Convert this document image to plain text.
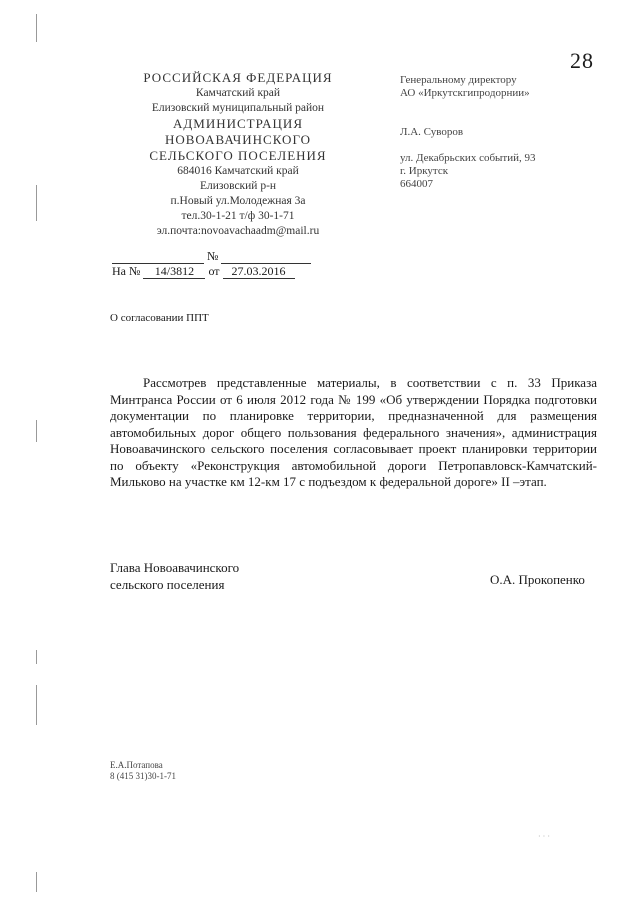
28
РОССИЙСКАЯ ФЕДЕРАЦИЯ
Камчатский край
Елизовский муниципальный район
АДМИНИСТРАЦИЯ
НОВОАВАЧИНСКОГО
СЕЛЬСКОГО ПОСЕЛЕНИЯ
684016 Камчатский край
Елизовский р-н
п.Новый ул.Молодежная 3а
тел.30-1-21 т/ф 30-1-71
эл.почта:novoavachaadm@mail.ru
№
На № 14/3812 от 27.03.2016
Генеральному директору
АО «Иркутскгипродорнии»
Л.А. Суворов
ул. Декабрьских событий, 93
г. Иркутск
664007
О согласовании ППТ
Рассмотрев представленные материалы, в соответствии с п. 33 Приказа Минтранса России от 6 июля 2012 года № 199 «Об утверждении Порядка подготовки документации по планировке территории, предназначенной для размещения автомобильных дорог общего пользования федерального значения», администрация Новоавачинского сельского поселения согласовывает проект планировки территории по объекту «Реконструкция автомобильной дороги Петропавловск-Камчатский-Мильково на участке км 12-км 17 с подъездом к федеральной дороге» II –этап.
Глава Новоавачинского
сельского поселения	О.А. Прокопенко
Е.А.Потапова
8 (415 31)30-1-71
· · ·
